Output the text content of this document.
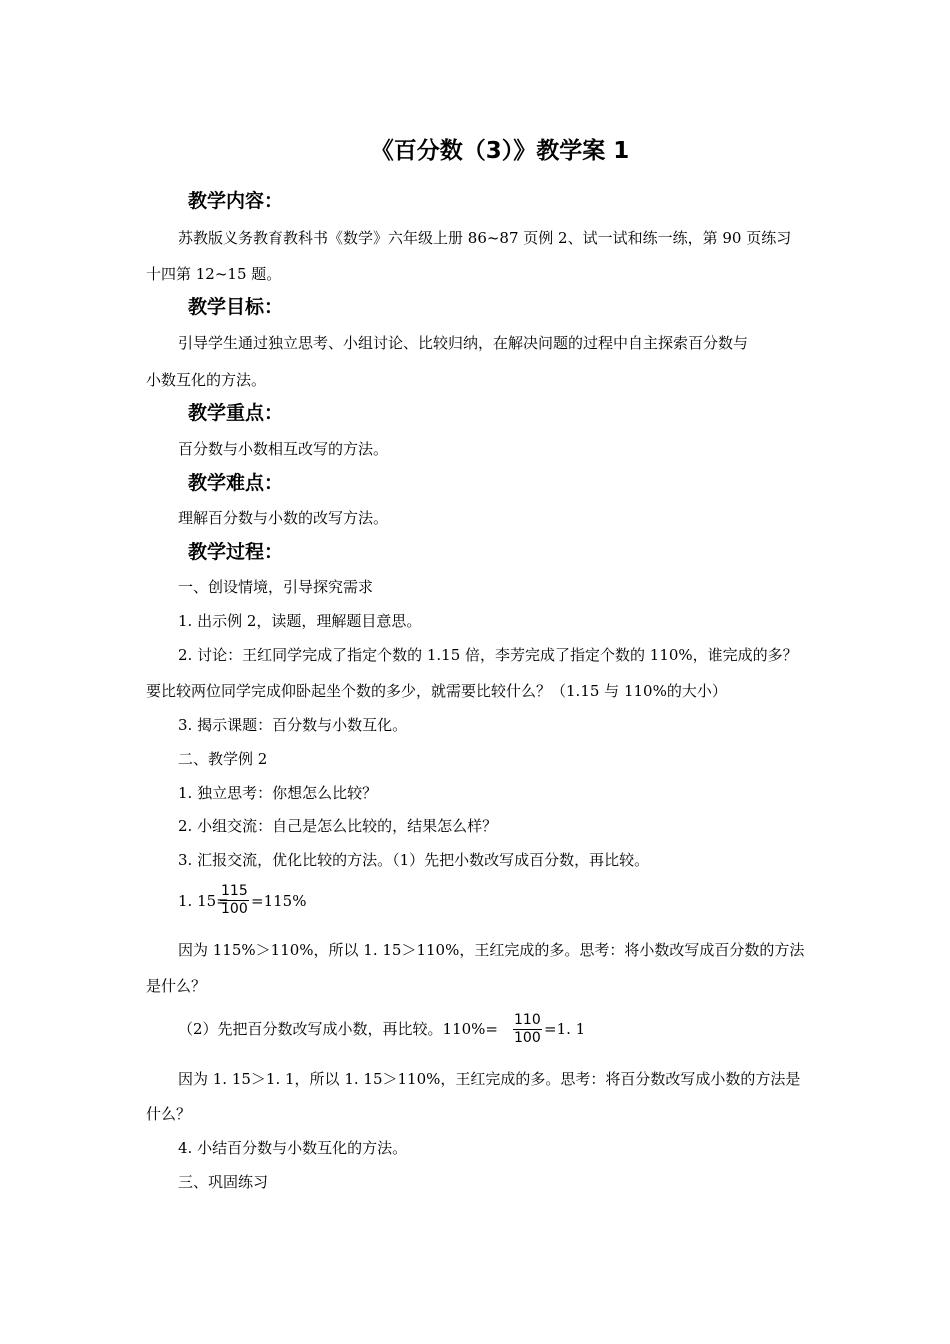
《百分数（3）》教学案 1
教学内容：
苏教版义务教育教科书《数学》六年级上册 86~87 页例 2、试一试和练一练，第 90 页练习
十四第 12~15 题。
教学目标：
引导学生通过独立思考、小组讨论、比较归纳，在解决问题的过程中自主探索百分数与
小数互化的方法。
教学重点：
百分数与小数相互改写的方法。
教学难点：
理解百分数与小数的改写方法。
教学过程：
一、创设情境，引导探究需求
1. 出示例 2，读题，理解题目意思。
2. 讨论：王红同学完成了指定个数的 1.15 倍，李芳完成了指定个数的 110%，谁完成的多？
要比较两位同学完成仰卧起坐个数的多少，就需要比较什么？（1.15 与 110%的大小）
3. 揭示课题：百分数与小数互化。
二、教学例 2
1. 独立思考：你想怎么比较？
2. 小组交流：自己是怎么比较的，结果怎么样？
3. 汇报交流，优化比较的方法。（1）先把小数改写成百分数，再比较。
1. 15=
$\frac{115}{100} =115\%$
因为 115%＞110%，所以 1. 15＞110%，王红完成的多。思考：将小数改写成百分数的方法
是什么？
（2）先把百分数改写成小数，再比较。$110\%= \frac{110}{100} =1$. 1
因为 1. 15＞1. 1，所以 1. 15＞110%，王红完成的多。思考：将百分数改写成小数的方法是
什么？
4. 小结百分数与小数互化的方法。
三、巩固练习
